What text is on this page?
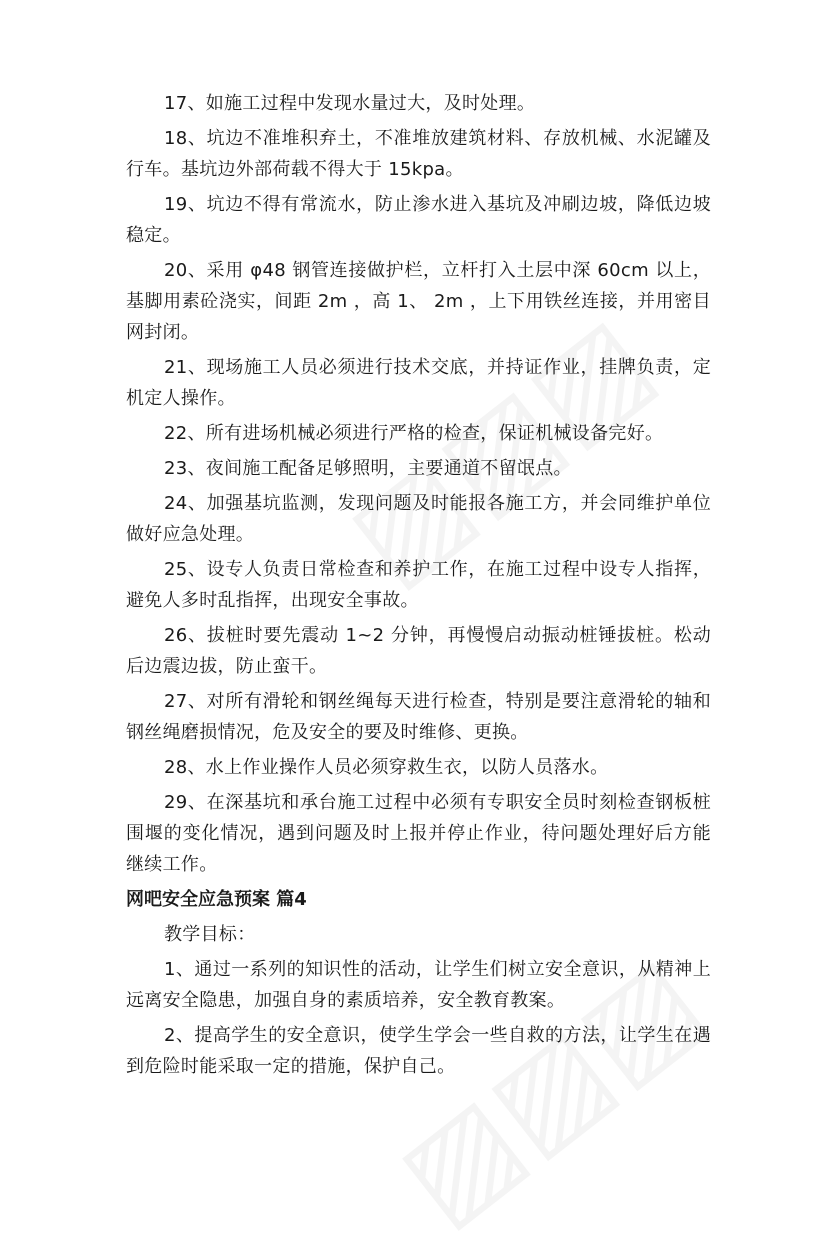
17、如施工过程中发现水量过大，及时处理。

18、坑边不准堆积弃土，不准堆放建筑材料、存放机械、水泥罐及行车。基坑边外部荷载不得大于 15kpa。

19、坑边不得有常流水，防止渗水进入基坑及冲刷边坡，降低边坡稳定。

20、采用 φ48 钢管连接做护栏，立杆打入土层中深 60cm 以上，基脚用素砼浇实，间距 2m ，高 1、 2m ，上下用铁丝连接，并用密目网封闭。

21、现场施工人员必须进行技术交底，并持证作业，挂牌负责，定机定人操作。

22、所有进场机械必须进行严格的检查，保证机械设备完好。

23、夜间施工配备足够照明，主要通道不留氓点。

24、加强基坑监测，发现问题及时能报各施工方，并会同维护单位做好应急处理。

25、设专人负责日常检查和养护工作，在施工过程中设专人指挥，避免人多时乱指挥，出现安全事故。

26、拔桩时要先震动 1~2 分钟，再慢慢启动振动桩锤拔桩。松动后边震边拔，防止蛮干。

27、对所有滑轮和钢丝绳每天进行检查，特别是要注意滑轮的轴和钢丝绳磨损情况，危及安全的要及时维修、更换。

28、水上作业操作人员必须穿救生衣，以防人员落水。

29、在深基坑和承台施工过程中必须有专职安全员时刻检查钢板桩围堰的变化情况，遇到问题及时上报并停止作业，待问题处理好后方能继续工作。

网吧安全应急预案 篇4

教学目标：

1、通过一系列的知识性的活动，让学生们树立安全意识，从精神上远离安全隐患，加强自身的素质培养，安全教育教案。

2、提高学生的安全意识，使学生学会一些自救的方法，让学生在遇到危险时能采取一定的措施，保护自己。
